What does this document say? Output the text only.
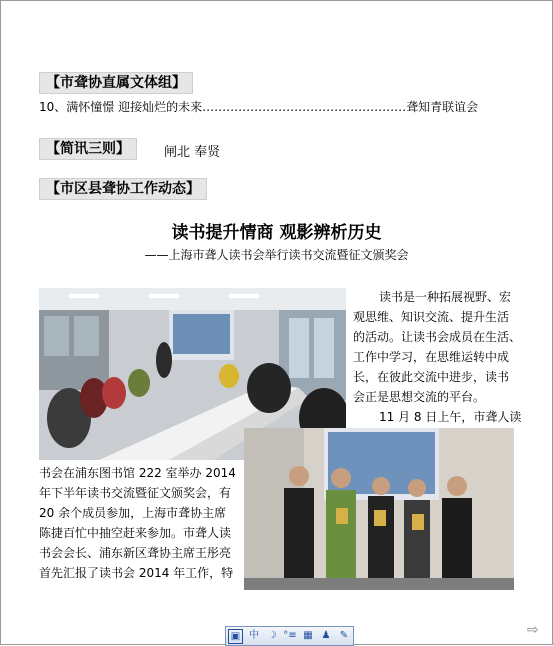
【市聋协直属文体组】
10、满怀憧憬 迎接灿烂的未来……………………………………………聋知青联谊会
【简讯三则】	闸北 奉贤
【市区县聋协工作动态】
读书提升情商 观影辨析历史
——上海市聋人读书会举行读书交流暨征文颁奖会
读书是一种拓展视野、宏
观思维、知识交流、提升生活
的活动。让读书会成员在生活、
工作中学习，在思维运转中成
长，在彼此交流中进步，读书
会正是思想交流的平台。
11 月 8 日上午，市聋人读
书会在浦东图书馆 222 室举办 2014
年下半年读书交流暨征文颁奖会，有
20 余个成员参加，上海市聋协主席
陈捷百忙中抽空赶来参加。市聋人读
书会会长、浦东新区聋协主席王彤亮
首先汇报了读书会 2014 年工作，特
▣ 中 ☽ °≡ ▦ ♟ ✎	⇨
